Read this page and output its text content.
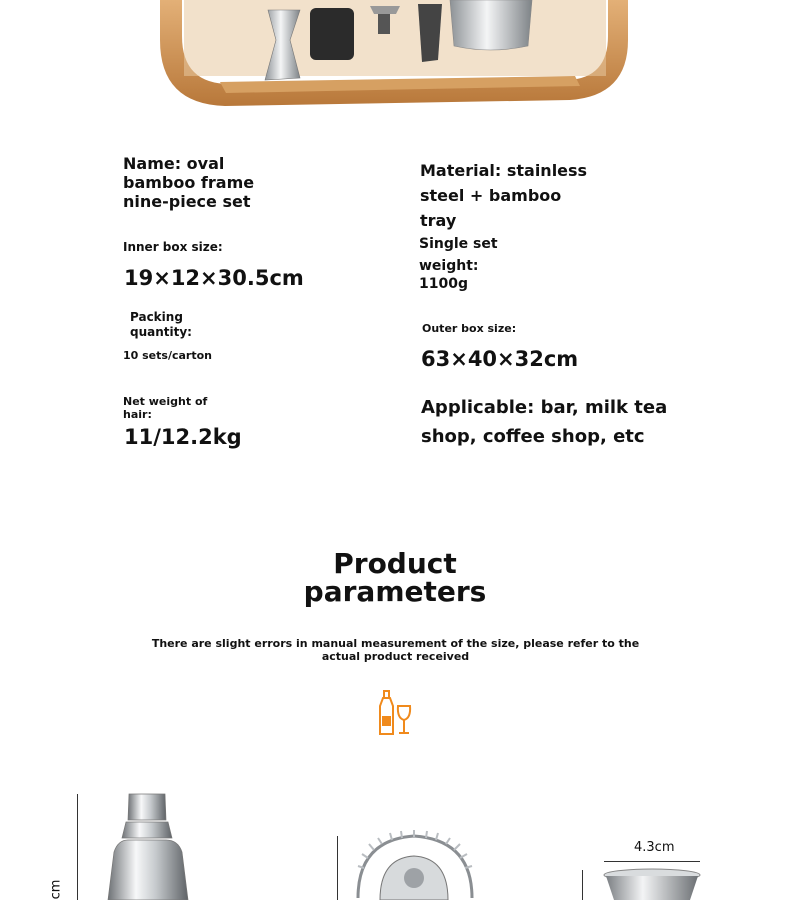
Name: oval bamboo frame nine-piece set
Inner box size:
19×12×30.5cm
Packing quantity:
10 sets/carton
Net weight of hair:
11/12.2kg
Material: stainless steel + bamboo tray
Single set weight:
1100g
Outer box size:
63×40×32cm
Applicable: bar, milk tea shop, coffee shop, etc
Product
parameters
There are slight errors in manual measurement of the size, please refer to the actual product received
cm
4.3cm
